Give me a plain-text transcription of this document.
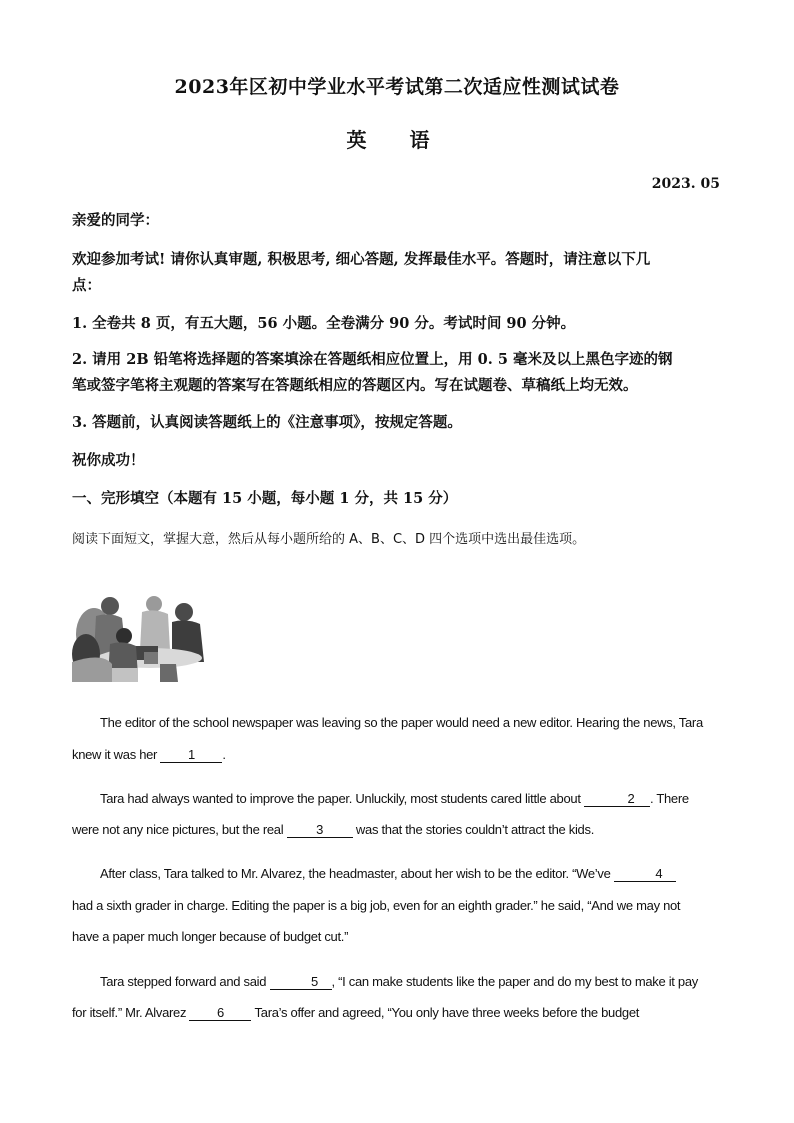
2023年区初中学业水平考试第二次适应性测试试卷
英 语
2023. 05
亲爱的同学：
欢迎参加考试! 请你认真审题, 积极思考, 细心答题, 发挥最佳水平。答题时，请注意以下几
点：
1. 全卷共 8 页，有五大题，56 小题。全卷满分 90 分。考试时间 90 分钟。
2. 请用 2B 铅笔将选择题的答案填涂在答题纸相应位置上，用 0. 5 毫米及以上黑色字迹的钢
笔或签字笔将主观题的答案写在答题纸相应的答题区内。写在试题卷、草稿纸上均无效。
3. 答题前，认真阅读答题纸上的《注意事项》，按规定答题。
祝你成功！
一、完形填空（本题有 15 小题，每小题 1 分，共 15 分）
阅读下面短文，掌握大意，然后从每小题所给的 A、B、C、D 四个选项中选出最佳选项。
The editor of the school newspaper was leaving so the paper would need a new editor. Hearing the news, Tara
knew it was her 1 .
Tara had always wanted to improve the paper. Unluckily, most students cared little about	2 . There
were not any nice pictures, but the real 3 was that the stories couldn’t attract the kids.
After class, Tara talked to Mr. Alvarez, the headmaster, about her wish to be the editor. “We’ve	4
had a sixth grader in charge. Editing the paper is a big job, even for an eighth grader.” he said, “And we may not
have a paper much longer because of budget cut.”
Tara stepped forward and said	5 , “I can make students like the paper and do my best to make it pay
for itself.” Mr. Alvarez 6 Tara’s offer and agreed, “You only have three weeks before the budget
